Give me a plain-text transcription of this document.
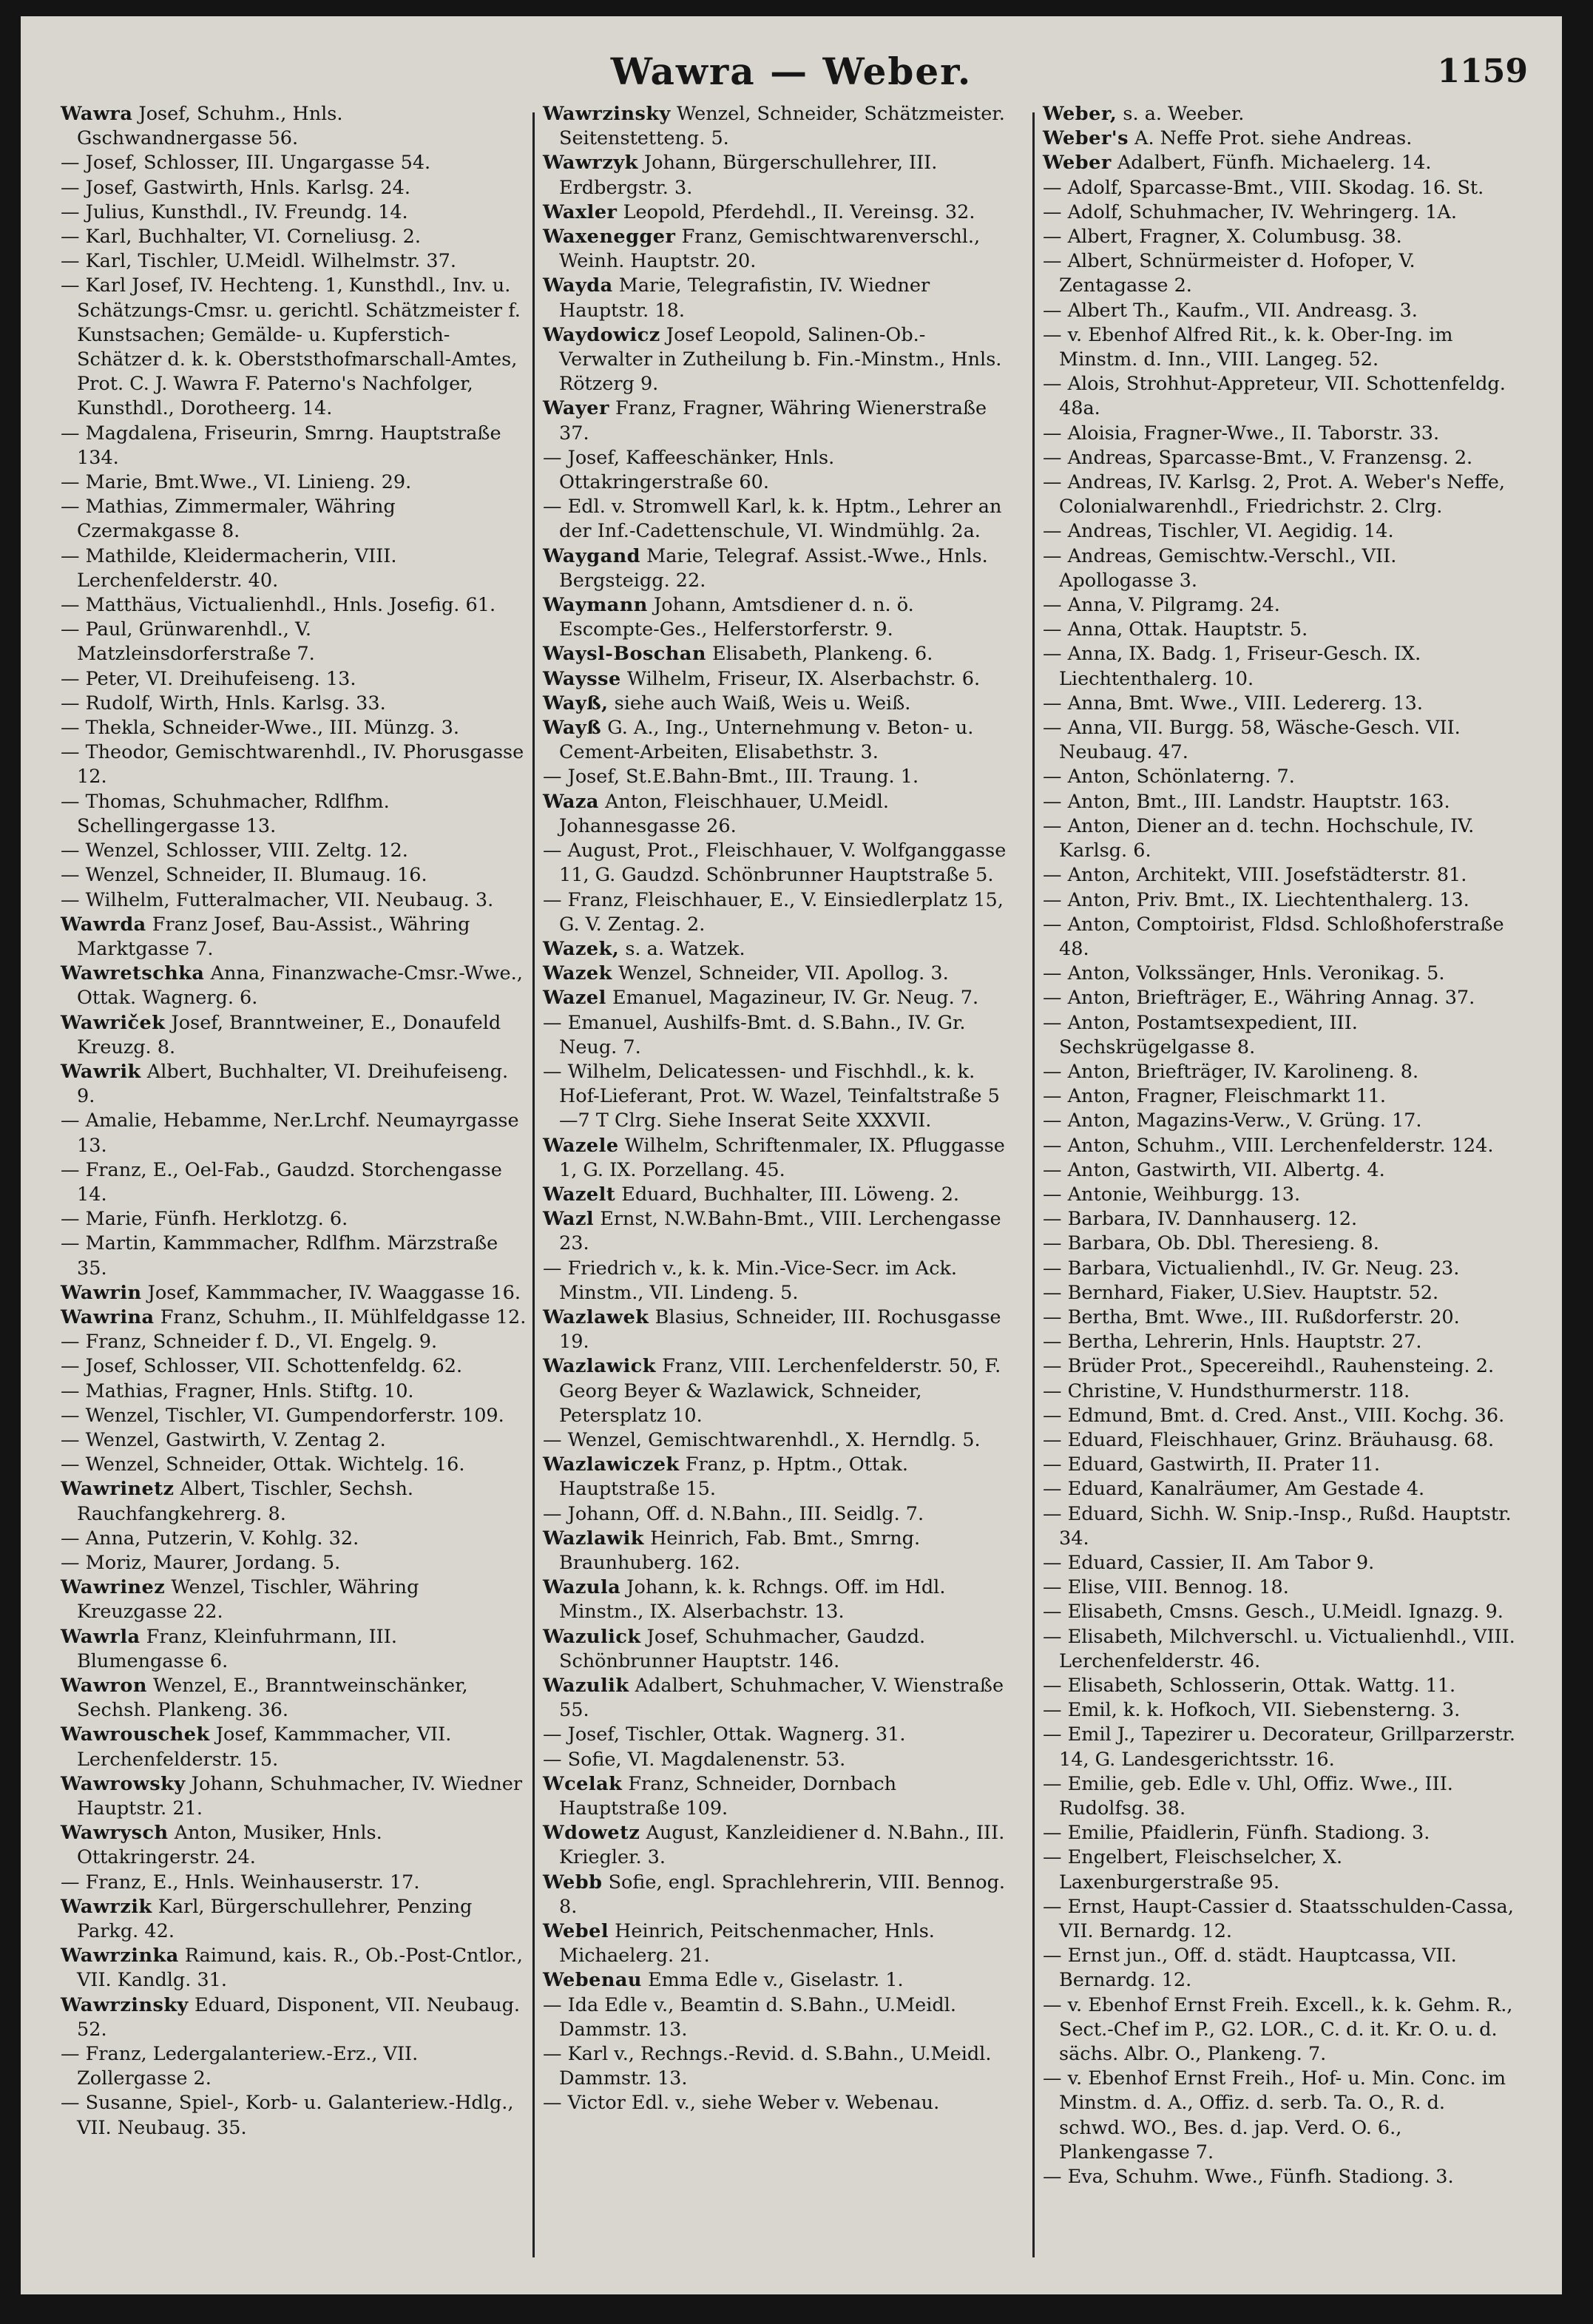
Wawra — Weber.	1159
Wawra Josef, Schuhm., Hnls. Gschwandnergasse 56.
— Josef, Schlosser, III. Ungargasse 54.
— Josef, Gastwirth, Hnls. Karlsg. 24.
— Julius, Kunsthdl., IV. Freundg. 14.
— Karl, Buchhalter, VI. Corneliusg. 2.
— Karl, Tischler, U.Meidl. Wilhelmstr. 37.
— Karl Josef, IV. Hechteng. 1, Kunsthdl., Inv. u. Schätzungs-Cmsr. u. gerichtl. Schätzmeister f. Kunstsachen; Gemälde- u. Kupferstich-Schätzer d. k. k. Oberststhofmarschall-Amtes, Prot. C. J. Wawra F. Paterno's Nachfolger, Kunsthdl., Dorotheerg. 14.
— Magdalena, Friseurin, Smrng. Hauptstraße 134.
— Marie, Bmt.Wwe., VI. Linieng. 29.
— Mathias, Zimmermaler, Währing Czermakgasse 8.
— Mathilde, Kleidermacherin, VIII. Lerchenfelderstr. 40.
— Matthäus, Victualienhdl., Hnls. Josefig. 61.
— Paul, Grünwarenhdl., V. Matzleinsdorferstraße 7.
— Peter, VI. Dreihufeiseng. 13.
— Rudolf, Wirth, Hnls. Karlsg. 33.
— Thekla, Schneider-Wwe., III. Münzg. 3.
— Theodor, Gemischtwarenhdl., IV. Phorusgasse 12.
— Thomas, Schuhmacher, Rdlfhm. Schellingergasse 13.
— Wenzel, Schlosser, VIII. Zeltg. 12.
— Wenzel, Schneider, II. Blumaug. 16.
— Wilhelm, Futteralmacher, VII. Neubaug. 3.
Wawrda Franz Josef, Bau-Assist., Währing Marktgasse 7.
Wawretschka Anna, Finanzwache-Cmsr.-Wwe., Ottak. Wagnerg. 6.
Wawriček Josef, Branntweiner, E., Donaufeld Kreuzg. 8.
Wawrik Albert, Buchhalter, VI. Dreihufeiseng. 9.
— Amalie, Hebamme, Ner.Lrchf. Neumayrgasse 13.
— Franz, E., Oel-Fab., Gaudzd. Storchengasse 14.
— Marie, Fünfh. Herklotzg. 6.
— Martin, Kammmacher, Rdlfhm. Märzstraße 35.
Wawrin Josef, Kammmacher, IV. Waaggasse 16.
Wawrina Franz, Schuhm., II. Mühlfeldgasse 12.
— Franz, Schneider f. D., VI. Engelg. 9.
— Josef, Schlosser, VII. Schottenfeldg. 62.
— Mathias, Fragner, Hnls. Stiftg. 10.
— Wenzel, Tischler, VI. Gumpendorferstr. 109.
— Wenzel, Gastwirth, V. Zentag 2.
— Wenzel, Schneider, Ottak. Wichtelg. 16.
Wawrinetz Albert, Tischler, Sechsh. Rauchfangkehrerg. 8.
— Anna, Putzerin, V. Kohlg. 32.
— Moriz, Maurer, Jordang. 5.
Wawrinez Wenzel, Tischler, Währing Kreuzgasse 22.
Wawrla Franz, Kleinfuhrmann, III. Blumengasse 6.
Wawron Wenzel, E., Branntweinschänker, Sechsh. Plankeng. 36.
Wawrouschek Josef, Kammmacher, VII. Lerchenfelderstr. 15.
Wawrowsky Johann, Schuhmacher, IV. Wiedner Hauptstr. 21.
Wawrysch Anton, Musiker, Hnls. Ottakringerstr. 24.
— Franz, E., Hnls. Weinhauserstr. 17.
Wawrzik Karl, Bürgerschullehrer, Penzing Parkg. 42.
Wawrzinka Raimund, kais. R., Ob.-Post-Cntlor., VII. Kandlg. 31.
Wawrzinsky Eduard, Disponent, VII. Neubaug. 52.
— Franz, Ledergalanteriew.-Erz., VII. Zollergasse 2.
— Susanne, Spiel-, Korb- u. Galanteriew.-Hdlg., VII. Neubaug. 35.
Wawrzinsky Wenzel, Schneider, Schätzmeister. Seitenstetteng. 5.
Wawrzyk Johann, Bürgerschullehrer, III. Erdbergstr. 3.
Waxler Leopold, Pferdehdl., II. Vereinsg. 32.
Waxenegger Franz, Gemischtwarenverschl., Weinh. Hauptstr. 20.
Wayda Marie, Telegrafistin, IV. Wiedner Hauptstr. 18.
Waydowicz Josef Leopold, Salinen-Ob.-Verwalter in Zutheilung b. Fin.-Minstm., Hnls. Rötzerg 9.
Wayer Franz, Fragner, Währing Wienerstraße 37.
— Josef, Kaffeeschänker, Hnls. Ottakringerstraße 60.
— Edl. v. Stromwell Karl, k. k. Hptm., Lehrer an der Inf.-Cadettenschule, VI. Windmühlg. 2a.
Waygand Marie, Telegraf. Assist.-Wwe., Hnls. Bergsteigg. 22.
Waymann Johann, Amtsdiener d. n. ö. Escompte-Ges., Helferstorferstr. 9.
Waysl-Boschan Elisabeth, Plankeng. 6.
Waysse Wilhelm, Friseur, IX. Alserbachstr. 6.
Wayß, siehe auch Waiß, Weis u. Weiß.
Wayß G. A., Ing., Unternehmung v. Beton- u. Cement-Arbeiten, Elisabethstr. 3.
— Josef, St.E.Bahn-Bmt., III. Traung. 1.
Waza Anton, Fleischhauer, U.Meidl. Johannesgasse 26.
— August, Prot., Fleischhauer, V. Wolfganggasse 11, G. Gaudzd. Schönbrunner Hauptstraße 5.
— Franz, Fleischhauer, E., V. Einsiedlerplatz 15, G. V. Zentag. 2.
Wazek, s. a. Watzek.
Wazek Wenzel, Schneider, VII. Apollog. 3.
Wazel Emanuel, Magazineur, IV. Gr. Neug. 7.
— Emanuel, Aushilfs-Bmt. d. S.Bahn., IV. Gr. Neug. 7.
— Wilhelm, Delicatessen- und Fischhdl., k. k. Hof-Lieferant, Prot. W. Wazel, Teinfaltstraße 5—7 T Clrg. Siehe Inserat Seite XXXVII.
Wazele Wilhelm, Schriftenmaler, IX. Pfluggasse 1, G. IX. Porzellang. 45.
Wazelt Eduard, Buchhalter, III. Löweng. 2.
Wazl Ernst, N.W.Bahn-Bmt., VIII. Lerchengasse 23.
— Friedrich v., k. k. Min.-Vice-Secr. im Ack. Minstm., VII. Lindeng. 5.
Wazlawek Blasius, Schneider, III. Rochusgasse 19.
Wazlawick Franz, VIII. Lerchenfelderstr. 50, F. Georg Beyer & Wazlawick, Schneider, Petersplatz 10.
— Wenzel, Gemischtwarenhdl., X. Herndlg. 5.
Wazlawiczek Franz, p. Hptm., Ottak. Hauptstraße 15.
— Johann, Off. d. N.Bahn., III. Seidlg. 7.
Wazlawik Heinrich, Fab. Bmt., Smrng. Braunhuberg. 162.
Wazula Johann, k. k. Rchngs. Off. im Hdl. Minstm., IX. Alserbachstr. 13.
Wazulick Josef, Schuhmacher, Gaudzd. Schönbrunner Hauptstr. 146.
Wazulik Adalbert, Schuhmacher, V. Wienstraße 55.
— Josef, Tischler, Ottak. Wagnerg. 31.
— Sofie, VI. Magdalenenstr. 53.
Wcelak Franz, Schneider, Dornbach Hauptstraße 109.
Wdowetz August, Kanzleidiener d. N.Bahn., III. Kriegler. 3.
Webb Sofie, engl. Sprachlehrerin, VIII. Bennog. 8.
Webel Heinrich, Peitschenmacher, Hnls. Michaelerg. 21.
Webenau Emma Edle v., Giselastr. 1.
— Ida Edle v., Beamtin d. S.Bahn., U.Meidl. Dammstr. 13.
— Karl v., Rechngs.-Revid. d. S.Bahn., U.Meidl. Dammstr. 13.
— Victor Edl. v., siehe Weber v. Webenau.
Weber, s. a. Weeber.
Weber's A. Neffe Prot. siehe Andreas.
Weber Adalbert, Fünfh. Michaelerg. 14.
— Adolf, Sparcasse-Bmt., VIII. Skodag. 16. St.
— Adolf, Schuhmacher, IV. Wehringerg. 1A.
— Albert, Fragner, X. Columbusg. 38.
— Albert, Schnürmeister d. Hofoper, V. Zentagasse 2.
— Albert Th., Kaufm., VII. Andreasg. 3.
— v. Ebenhof Alfred Rit., k. k. Ober-Ing. im Minstm. d. Inn., VIII. Langeg. 52.
— Alois, Strohhut-Appreteur, VII. Schottenfeldg. 48a.
— Aloisia, Fragner-Wwe., II. Taborstr. 33.
— Andreas, Sparcasse-Bmt., V. Franzensg. 2.
— Andreas, IV. Karlsg. 2, Prot. A. Weber's Neffe, Colonialwarenhdl., Friedrichstr. 2. Clrg.
— Andreas, Tischler, VI. Aegidig. 14.
— Andreas, Gemischtw.-Verschl., VII. Apollogasse 3.
— Anna, V. Pilgramg. 24.
— Anna, Ottak. Hauptstr. 5.
— Anna, IX. Badg. 1, Friseur-Gesch. IX. Liechtenthalerg. 10.
— Anna, Bmt. Wwe., VIII. Ledererg. 13.
— Anna, VII. Burgg. 58, Wäsche-Gesch. VII. Neubaug. 47.
— Anton, Schönlaterng. 7.
— Anton, Bmt., III. Landstr. Hauptstr. 163.
— Anton, Diener an d. techn. Hochschule, IV. Karlsg. 6.
— Anton, Architekt, VIII. Josefstädterstr. 81.
— Anton, Priv. Bmt., IX. Liechtenthalerg. 13.
— Anton, Comptoirist, Fldsd. Schloßhoferstraße 48.
— Anton, Volkssänger, Hnls. Veronikag. 5.
— Anton, Briefträger, E., Währing Annag. 37.
— Anton, Postamtsexpedient, III. Sechskrügelgasse 8.
— Anton, Briefträger, IV. Karolineng. 8.
— Anton, Fragner, Fleischmarkt 11.
— Anton, Magazins-Verw., V. Grüng. 17.
— Anton, Schuhm., VIII. Lerchenfelderstr. 124.
— Anton, Gastwirth, VII. Albertg. 4.
— Antonie, Weihburgg. 13.
— Barbara, IV. Dannhauserg. 12.
— Barbara, Ob. Dbl. Theresieng. 8.
— Barbara, Victualienhdl., IV. Gr. Neug. 23.
— Bernhard, Fiaker, U.Siev. Hauptstr. 52.
— Bertha, Bmt. Wwe., III. Rußdorferstr. 20.
— Bertha, Lehrerin, Hnls. Hauptstr. 27.
— Brüder Prot., Specereihdl., Rauhensteing. 2.
— Christine, V. Hundsthurmerstr. 118.
— Edmund, Bmt. d. Cred. Anst., VIII. Kochg. 36.
— Eduard, Fleischhauer, Grinz. Bräuhausg. 68.
— Eduard, Gastwirth, II. Prater 11.
— Eduard, Kanalräumer, Am Gestade 4.
— Eduard, Sichh. W. Snip.-Insp., Rußd. Hauptstr. 34.
— Eduard, Cassier, II. Am Tabor 9.
— Elise, VIII. Bennog. 18.
— Elisabeth, Cmsns. Gesch., U.Meidl. Ignazg. 9.
— Elisabeth, Milchverschl. u. Victualienhdl., VIII. Lerchenfelderstr. 46.
— Elisabeth, Schlosserin, Ottak. Wattg. 11.
— Emil, k. k. Hofkoch, VII. Siebensterng. 3.
— Emil J., Tapezirer u. Decorateur, Grillparzerstr. 14, G. Landesgerichtsstr. 16.
— Emilie, geb. Edle v. Uhl, Offiz. Wwe., III. Rudolfsg. 38.
— Emilie, Pfaidlerin, Fünfh. Stadiong. 3.
— Engelbert, Fleischselcher, X. Laxenburgerstraße 95.
— Ernst, Haupt-Cassier d. Staatsschulden-Cassa, VII. Bernardg. 12.
— Ernst jun., Off. d. städt. Hauptcassa, VII. Bernardg. 12.
— v. Ebenhof Ernst Freih. Excell., k. k. Gehm. R., Sect.-Chef im P., G2. LOR., C. d. it. Kr. O. u. d. sächs. Albr. O., Plankeng. 7.
— v. Ebenhof Ernst Freih., Hof- u. Min. Conc. im Minstm. d. A., Offiz. d. serb. Ta. O., R. d. schwd. WO., Bes. d. jap. Verd. O. 6., Plankengasse 7.
— Eva, Schuhm. Wwe., Fünfh. Stadiong. 3.
